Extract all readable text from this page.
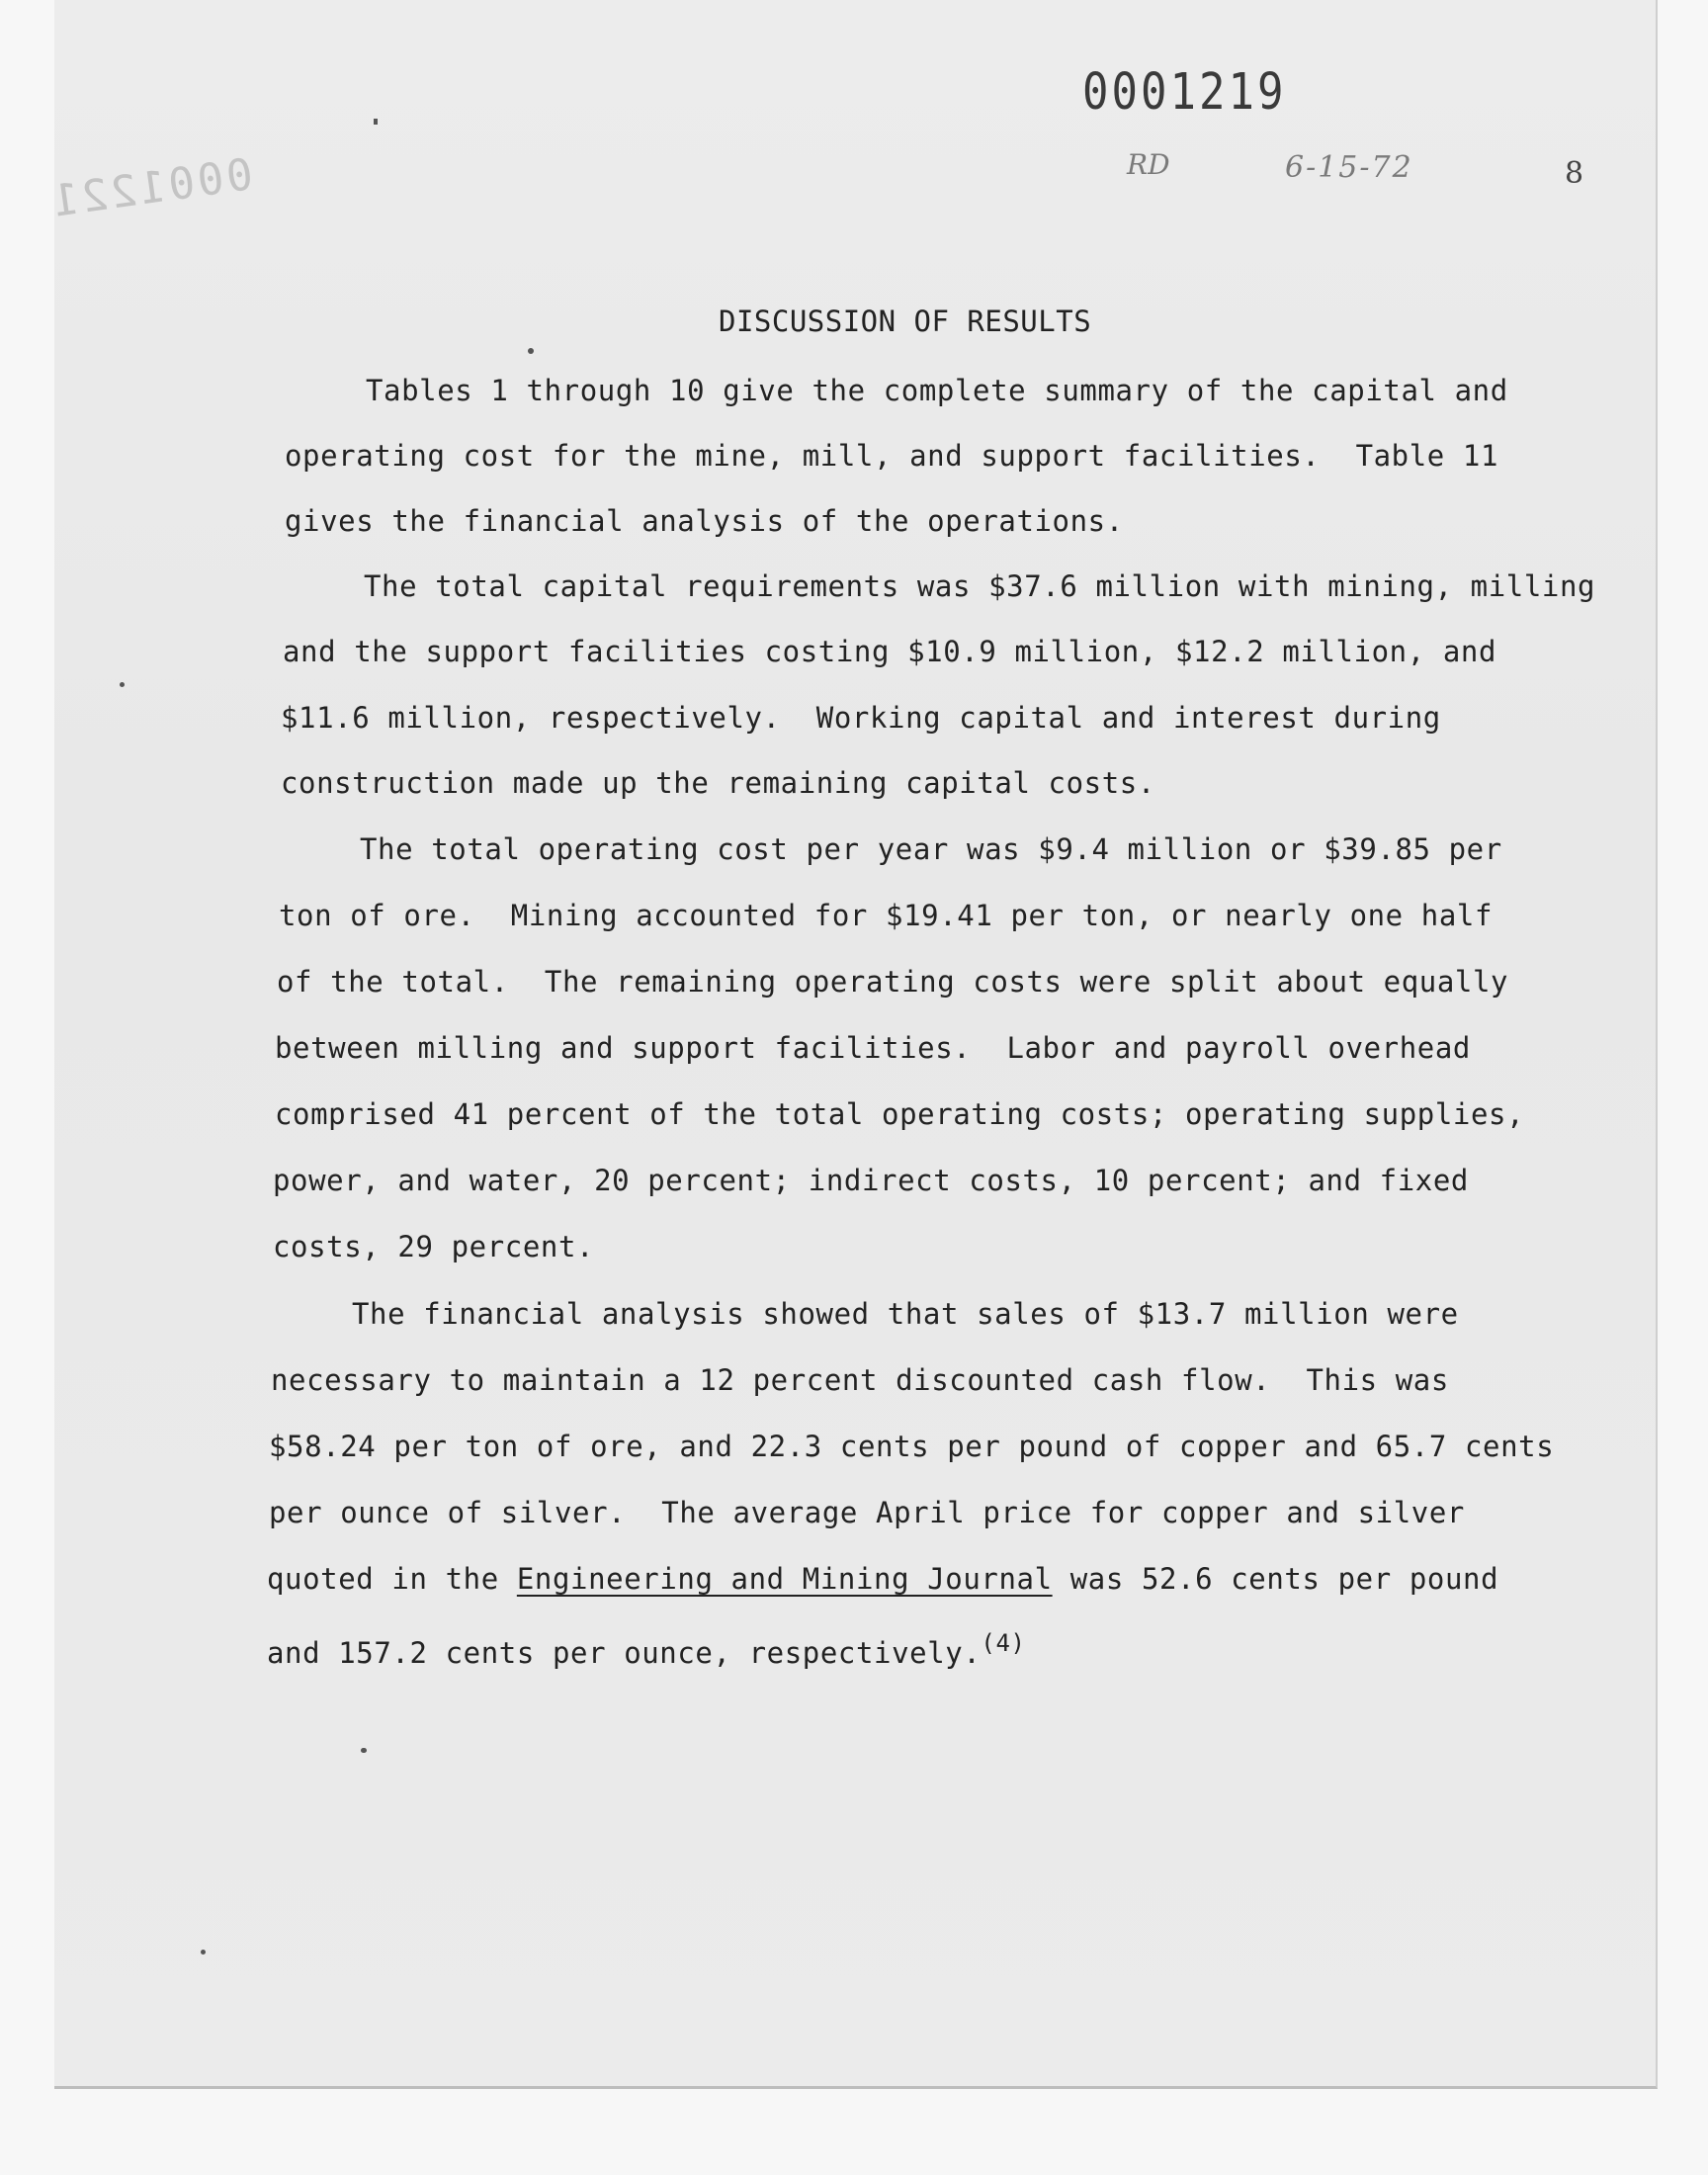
0001221
0001219
RD	6-15-72	8
DISCUSSION OF RESULTS
Tables 1 through 10 give the complete summary of the capital and
operating cost for the mine, mill, and support facilities.  Table 11
gives the financial analysis of the operations.
The total capital requirements was $37.6 million with mining, milling
and the support facilities costing $10.9 million, $12.2 million, and
$11.6 million, respectively.  Working capital and interest during
construction made up the remaining capital costs.
The total operating cost per year was $9.4 million or $39.85 per
ton of ore.  Mining accounted for $19.41 per ton, or nearly one half
of the total.  The remaining operating costs were split about equally
between milling and support facilities.  Labor and payroll overhead
comprised 41 percent of the total operating costs; operating supplies,
power, and water, 20 percent; indirect costs, 10 percent; and fixed
costs, 29 percent.
The financial analysis showed that sales of $13.7 million were
necessary to maintain a 12 percent discounted cash flow.  This was
$58.24 per ton of ore, and 22.3 cents per pound of copper and 65.7 cents
per ounce of silver.  The average April price for copper and silver
quoted in the Engineering and Mining Journal was 52.6 cents per pound
and 157.2 cents per ounce, respectively.$^{(4)}$
